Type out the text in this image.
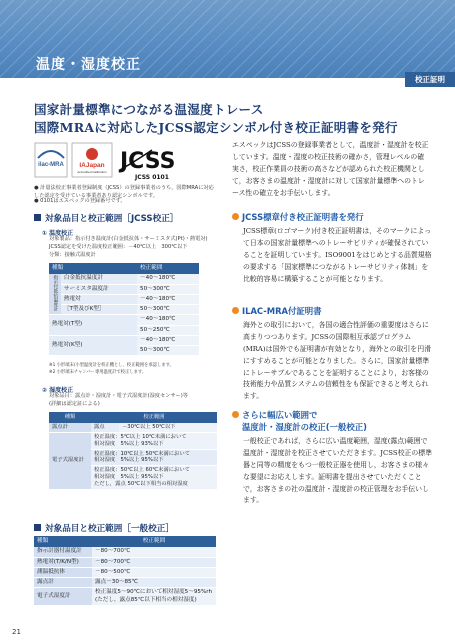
温度・湿度校正
校正証明
国家計量標準につながる温湿度トレース
国際MRAに対応したJCSS認定シンボル付き校正証明書を発行
ilac-MRA IAJapan
Accredited Calibration JCSS
JCSS 0101
● 計量法校正事業者登録制度（JCSS）の登録事業者のうち，国際MRAに対応した認定を受けている事業者あり認定シンボルです。
● 0101はエスペックの登録番号です。
エスペックはJCSSの登録事業者として，温度計・湿度計を校正しています。温度・湿度の校正技術の確かさ，管理レベルの確実さ，校正作業員の技術の高さなどが認められた校正機関として，お客さまの温度計・湿度計に対して国家計量標準へのトレース性の確立をお手伝いします。
対象品目と校正範囲［JCSS校正］
① 温度校正
対象製品：指示付き温度計(白金抵抗体・サーミスタ式(Pt)・熱電対)
JCSS認定を受けた温度校正範囲：－40℃以上　300℃以下
分類：接触式温度計
種類		校正範囲
指示付抵抗温度計	白金抵抗温度計	－40～180℃
	サーミスタ温度計	50～300℃
	熱電対	－40～180℃
	［T型及びK型］	50～300℃
熱電対(T型)		－40～180℃
		50～250℃
熱電対(K型)		－40～180℃
		50～300℃
※1 小形端末/小型温度計を校正機とし、校正範囲を承認します。
※2 小形端末チャンバー専用温度計で校正します。
② 湿度校正
対象品目：露点計・湿度計・電子式湿度計(湿度センサー)等
(詳細は認定証による)
種類	校正範囲	
露点計	露点	－30℃以上 50℃以下
電子式湿度計	校正温度：5℃以上 10℃未満において
相対湿度　5%以上 93%以下	
	校正温度：10℃以上 50℃未満において
相対湿度　5%以上 95%以下	
	校正温度：50℃以上 60℃未満において
相対湿度　5%以上 95%以下
ただし，露点 50℃以下相当の相対湿度	
対象品目と校正範囲［一般校正］
種類	校正範囲
指示計器付温度計	－80～700℃
熱電対(T/K/N型)	－80～700℃
測温抵抗体	－80～500℃
露点計	露点－30～85℃
電子式湿度計	校正温度5～90℃において相対湿度5～95%rh
(ただし，露点85℃以下相当の相対湿度)
JCSS標章付き校正証明書を発行
JCSS標章(ロゴマーク)付き校正証明書は，そのマークによって日本の国家計量標準へのトレーサビリティが確保されていることを証明しています。ISO9001をはじめとする品質規格の要求する「国家標準につながるトレーサビリティ体制」を比較的容易に構築することが可能となります。
ILAC-MRA付証明書
海外との取引において，各国の適合性評価の重要度はさらに高まりつつあります。JCSSの国際相互承認プログラム(MRA)は国外でも証明書が有効となり，海外との取引を円滑にすすめることが可能となりました。さらに，国家計量標準にトレーサブルであることを証明することにより，お客様の技術能力や品質システムの信頼性をも保証できると考えられます。
さらに幅広い範囲で
温度計・湿度計の校正(一般校正)
一般校正であれば，さらに広い温度範囲，湿度(露点)範囲で温度計・湿度計を校正させていただきます。JCSS校正の標準器と同等の精度をもつ一般校正器を使用し，お客さまの様々な要望にお応えします。証明書を提出させていただくことで，お客さまの社の温度計・湿度計の校正管理をお手伝いします。
21
